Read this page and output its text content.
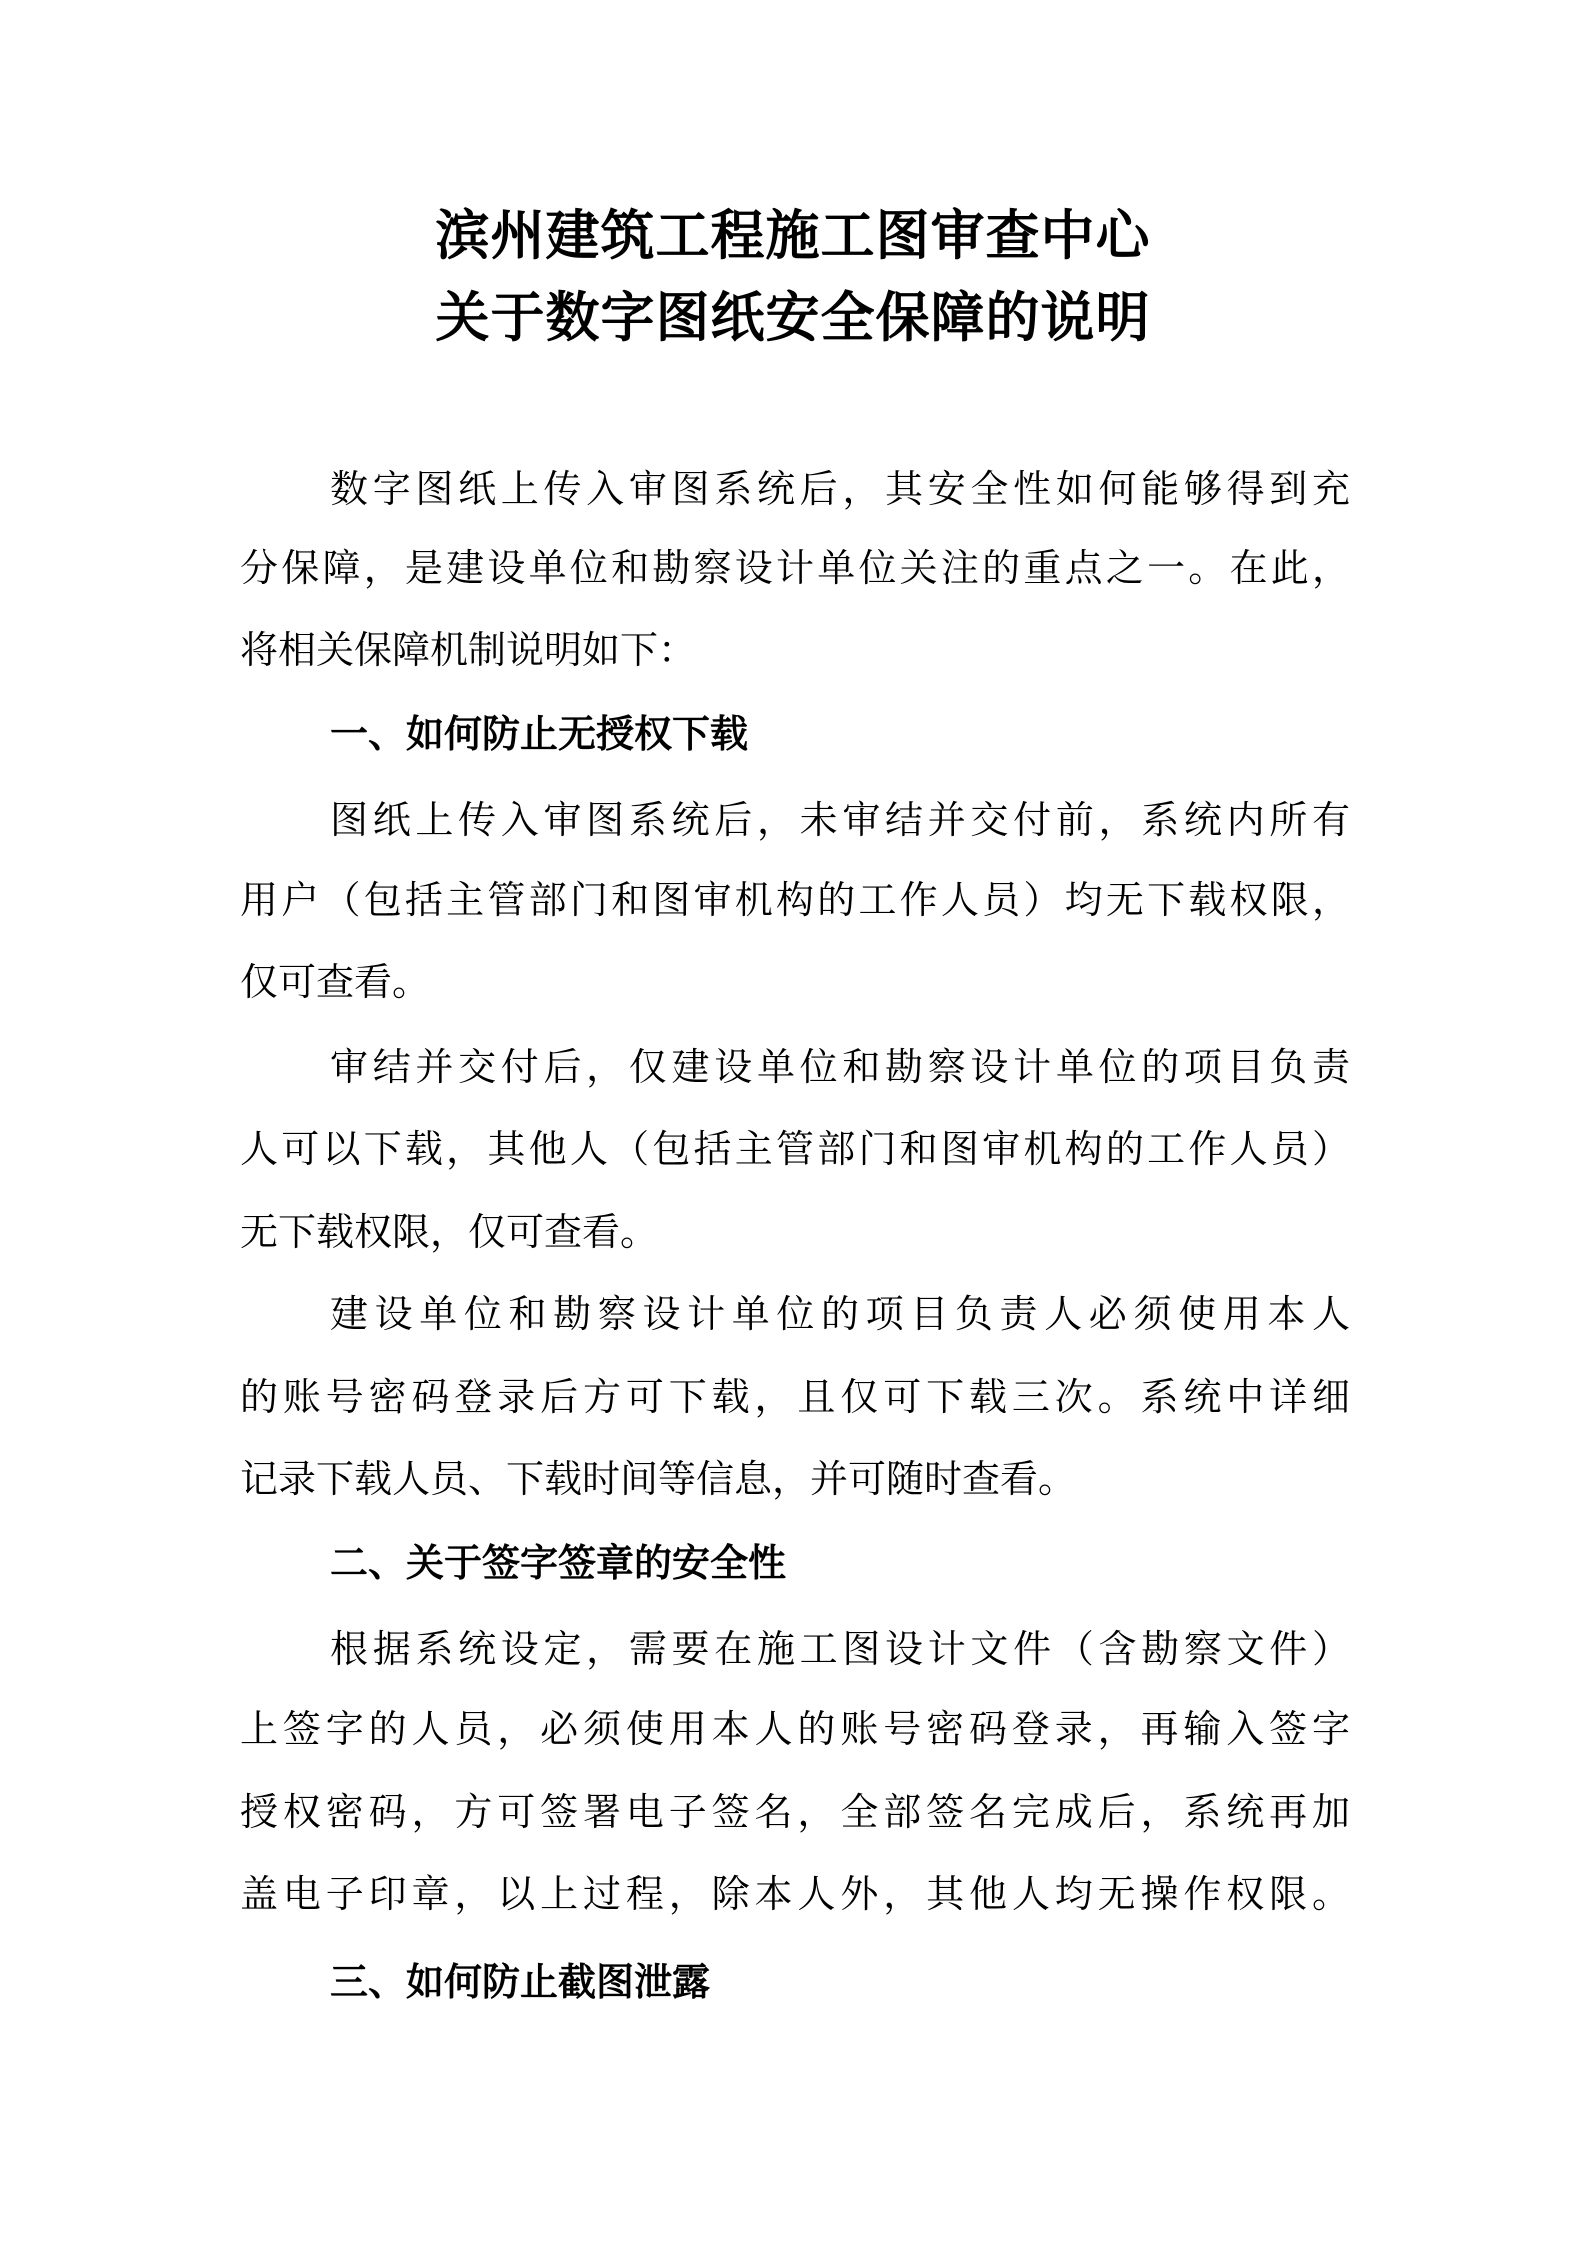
滨州建筑工程施工图审查中心
关于数字图纸安全保障的说明
数字图纸上传入审图系统后，其安全性如何能够得到充
分保障，是建设单位和勘察设计单位关注的重点之一。在此，
将相关保障机制说明如下：
一、如何防止无授权下载
图纸上传入审图系统后，未审结并交付前，系统内所有
用户（包括主管部门和图审机构的工作人员）均无下载权限，
仅可查看。
审结并交付后，仅建设单位和勘察设计单位的项目负责
人可以下载，其他人（包括主管部门和图审机构的工作人员）
无下载权限，仅可查看。
建设单位和勘察设计单位的项目负责人必须使用本人
的账号密码登录后方可下载，且仅可下载三次。系统中详细
记录下载人员、下载时间等信息，并可随时查看。
二、关于签字签章的安全性
根据系统设定，需要在施工图设计文件（含勘察文件）
上签字的人员，必须使用本人的账号密码登录，再输入签字
授权密码，方可签署电子签名，全部签名完成后，系统再加
盖电子印章，以上过程，除本人外，其他人均无操作权限。
三、如何防止截图泄露
